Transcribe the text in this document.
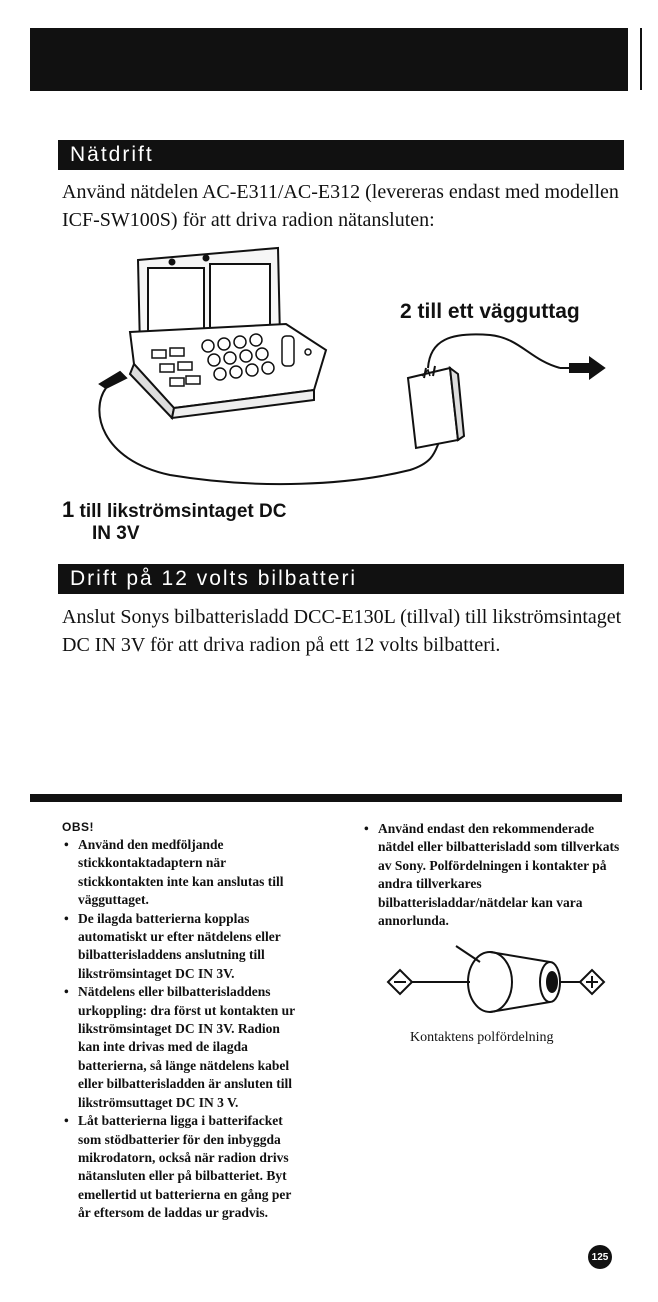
Nätdrift
Använd nätdelen AC-E311/AC-E312 (levereras endast med modellen ICF-SW100S) för att driva radion nätansluten:
2 till ett vägguttag
1 till likströmsintaget DC
IN 3V
Drift på 12 volts bilbatteri
Anslut Sonys bilbatterisladd DCC-E130L (tillval) till likströmsintaget DC IN 3V för att driva radion på ett 12 volts bilbatteri.
OBS!
• Använd den medföljande stickkontaktadaptern när stickkontakten inte kan anslutas till vägguttaget.
• De ilagda batterierna kopplas automatiskt ur efter nätdelens eller bilbatterisladdens anslutning till likströmsintaget DC IN 3V.
• Nätdelens eller bilbatterisladdens urkoppling: dra först ut kontakten ur likströmsintaget DC IN 3V. Radion kan inte drivas med de ilagda batterierna, så länge nätdelens kabel eller bilbatterisladden är ansluten till likströmsuttaget DC IN 3 V.
• Låt batterierna ligga i batterifacket som stödbatterier för den inbyggda mikrodatorn, också när radion drivs nätansluten eller på bilbatteriet. Byt emellertid ut batterierna en gång per år eftersom de laddas ur gradvis.
• Använd endast den rekommenderade nätdel eller bilbatterisladd som tillverkats av Sony. Polfördelningen i kontakter på andra tillverkares bilbatterisladdar/nätdelar kan vara annorlunda.
Kontaktens polfördelning
125
